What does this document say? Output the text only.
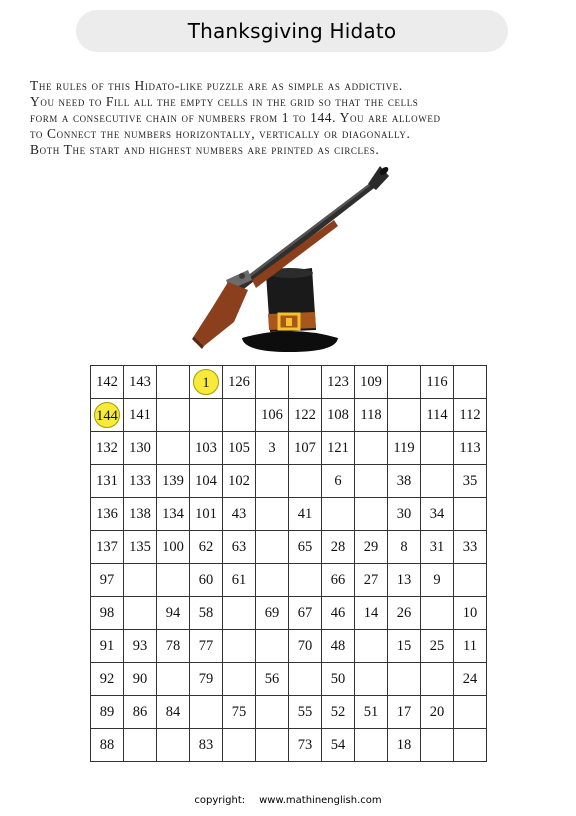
Thanksgiving Hidato

The rules of this Hidato-like puzzle are as simple as addictive.

You need to Fill all the empty cells in the grid so that the cells

form a consecutive chain of numbers from 1 to 144. You are allowed

to Connect the numbers horizontally, vertically or diagonally.

Both The start and highest numbers are printed as circles.

142	143		1	126			123	109		116	
144	141				106	122	108	118		114	112
132	130		103	105	3	107	121		119		113
131	133	139	104	102			6		38		35
136	138	134	101	43		41			30	34	
137	135	100	62	63		65	28	29	8	31	33
97			60	61			66	27	13	9	
98		94	58		69	67	46	14	26		10
91	93	78	77			70	48		15	25	11
92	90		79		56		50				24
89	86	84		75		55	52	51	17	20	
88			83			73	54		18		
copyright: www.mathinenglish.com
